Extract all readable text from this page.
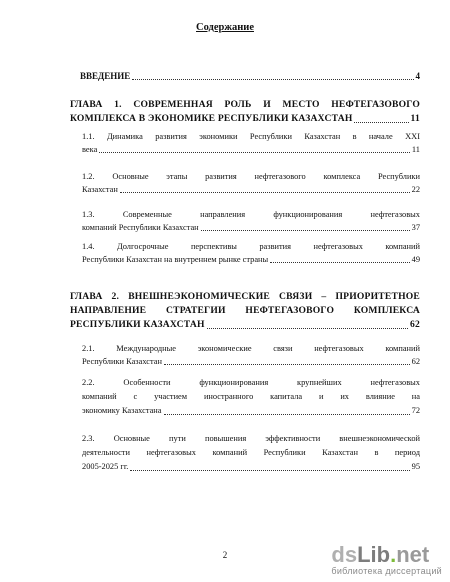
Содержание
ВВЕДЕНИЕ	4
ГЛАВА 1. СОВРЕМЕННАЯ РОЛЬ И МЕСТО НЕФТЕГАЗОВОГО
КОМПЛЕКСА В ЭКОНОМИКЕ РЕСПУБЛИКИ КАЗАХСТАН	11
1.1. Динамика развития экономики Республики Казахстан в начале XXI
века	11
1.2. Основные этапы развития нефтегазового комплекса Республики
Казахстан	22
1.3. Современные направления функционирования нефтегазовых
компаний Республики Казахстан	37
1.4. Долгосрочные перспективы развития нефтегазовых компаний
Республики Казахстан на внутреннем рынке страны	49
ГЛАВА 2. ВНЕШНЕЭКОНОМИЧЕСКИЕ СВЯЗИ – ПРИОРИТЕТНОЕ
НАПРАВЛЕНИЕ СТРАТЕГИИ НЕФТЕГАЗОВОГО КОМПЛЕКСА
РЕСПУБЛИКИ КАЗАХСТАН	62
2.1. Международные экономические связи нефтегазовых компаний
Республики Казахстан	62
2.2. Особенности функционирования крупнейших нефтегазовых
компаний с участием иностранного капитала и их влияние на
экономику Казахстана	72
2.3. Основные пути повышения эффективности внешнеэкономической
деятельности нефтегазовых компаний Республики Казахстан в период
2005-2025 гг.	95
2	dsLib.net
библиотека диссертаций
